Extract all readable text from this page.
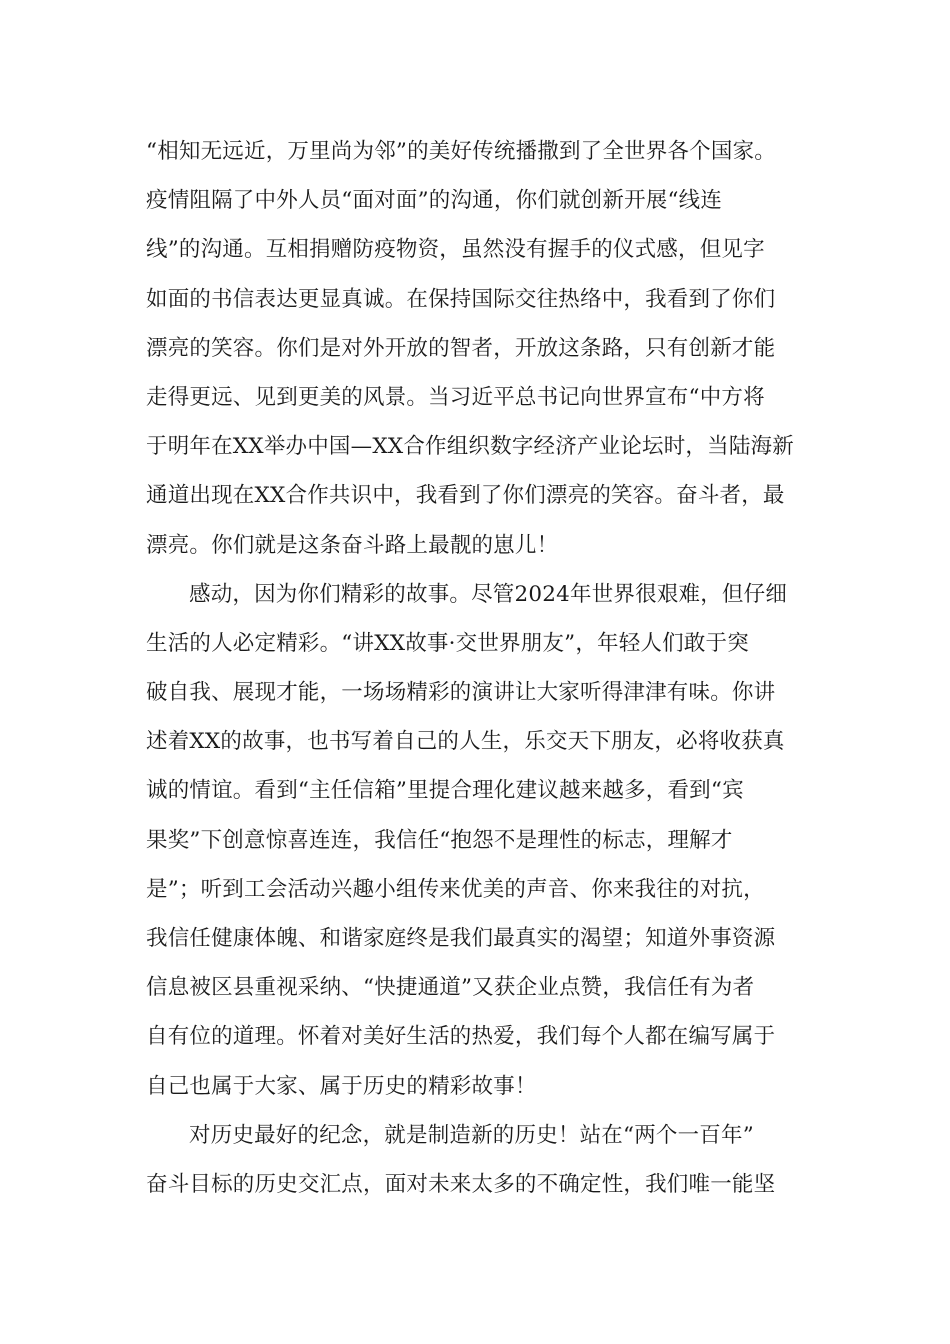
“相知无远近，万里尚为邻”的美好传统播撒到了全世界各个国家。
疫情阻隔了中外人员“面对面”的沟通，你们就创新开展“线连
线”的沟通。互相捐赠防疫物资，虽然没有握手的仪式感，但见字
如面的书信表达更显真诚。在保持国际交往热络中，我看到了你们
漂亮的笑容。你们是对外开放的智者，开放这条路，只有创新才能
走得更远、见到更美的风景。当习近平总书记向世界宣布“中方将
于明年在XX举办中国—XX合作组织数字经济产业论坛时，当陆海新
通道出现在XX合作共识中，我看到了你们漂亮的笑容。奋斗者，最
漂亮。你们就是这条奋斗路上最靓的崽儿！
感动，因为你们精彩的故事。尽管2024年世界很艰难，但仔细
生活的人必定精彩。“讲XX故事·交世界朋友”，年轻人们敢于突
破自我、展现才能，一场场精彩的演讲让大家听得津津有味。你讲
述着XX的故事，也书写着自己的人生，乐交天下朋友，必将收获真
诚的情谊。看到“主任信箱”里提合理化建议越来越多，看到“宾
果奖”下创意惊喜连连，我信任“抱怨不是理性的标志，理解才
是”；听到工会活动兴趣小组传来优美的声音、你来我往的对抗，
我信任健康体魄、和谐家庭终是我们最真实的渴望；知道外事资源
信息被区县重视采纳、“快捷通道”又获企业点赞，我信任有为者
自有位的道理。怀着对美好生活的热爱，我们每个人都在编写属于
自己也属于大家、属于历史的精彩故事！
对历史最好的纪念，就是制造新的历史！站在“两个一百年”
奋斗目标的历史交汇点，面对未来太多的不确定性，我们唯一能坚
